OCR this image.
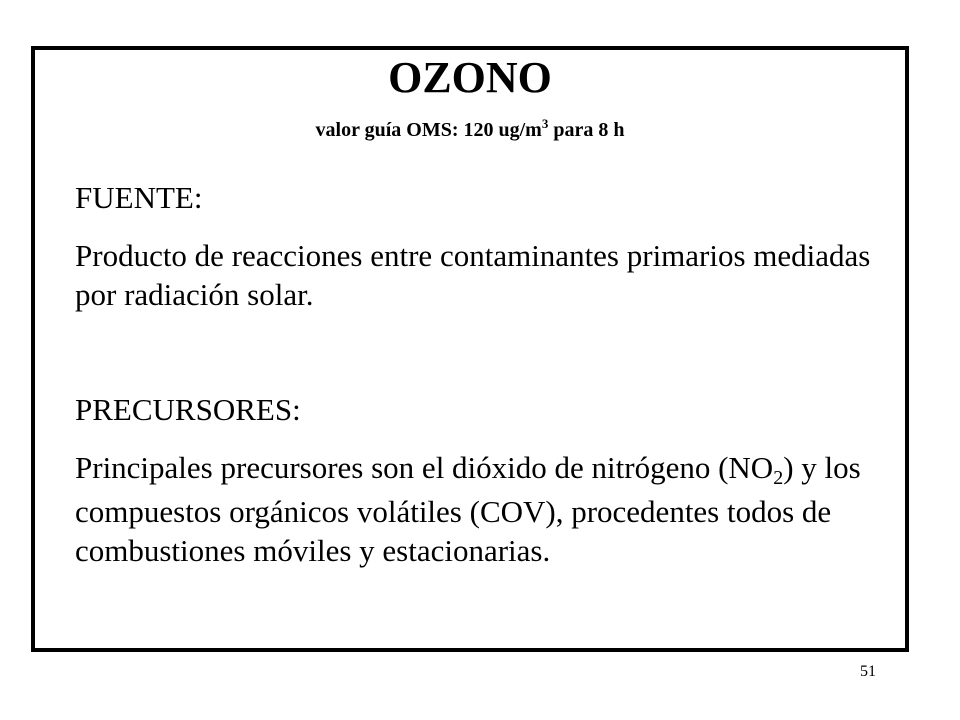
OZONO

valor guía OMS: 120 $ug/m^3$ para 8 h

FUENTE:

Producto de reacciones entre contaminantes primarios mediadas por radiación solar.

PRECURSORES:

Principales precursores son el dióxido de nitrógeno $(NO_2)$ y los compuestos orgánicos volátiles (COV), procedentes todos de combustiones móviles y estacionarias.

51
